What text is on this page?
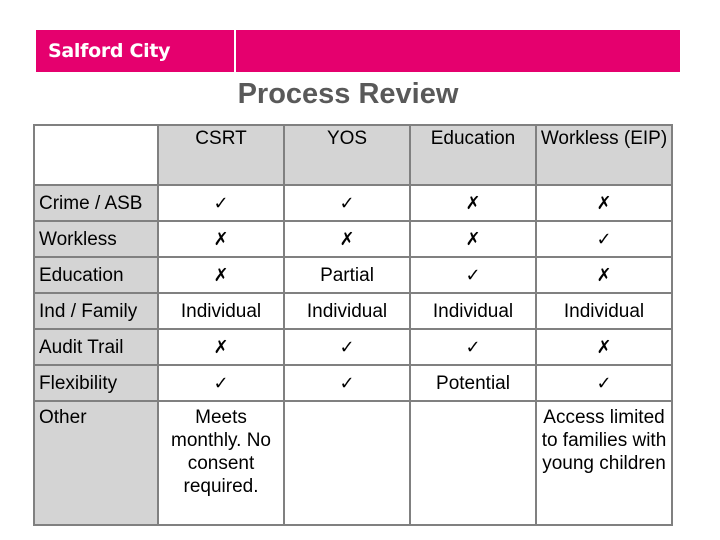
Salford City Council	Process Review
	CSRT	YOS	Education	Workless (EIP)
Crime / ASB	✓	✓	✗	✗
Workless	✗	✗	✗	✓
Education	✗	Partial	✓	✗
Ind / Family	Individual	Individual	Individual	Individual
Audit Trail	✗	✓	✓	✗
Flexibility	✓	✓	Potential	✓
Other	Meets monthly. No consent required.			Access limited to families with young children
